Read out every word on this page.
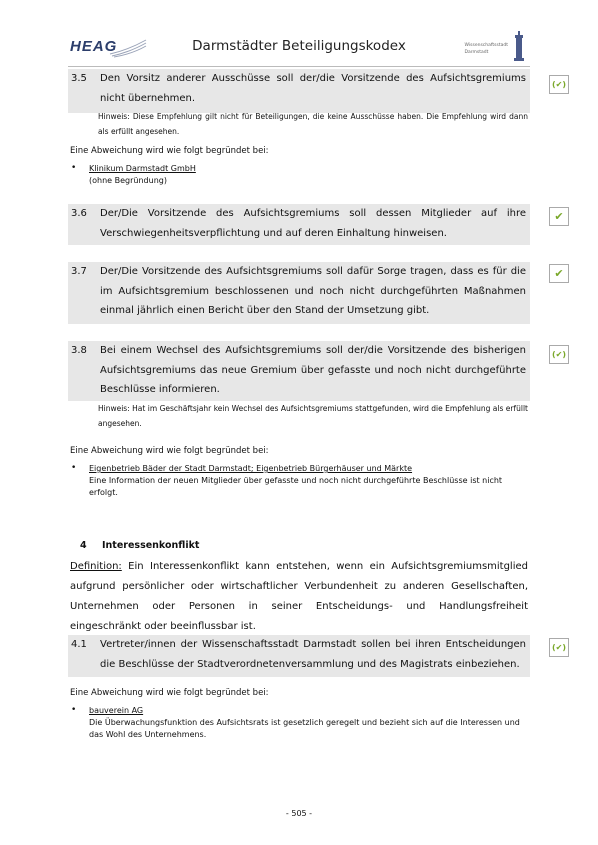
HEAG	Darmstädter Beteiligungskodex	Wissenschaftsstadt
Darmstadt
3.5 Den Vorsitz anderer Ausschüsse soll der/die Vorsitzende des Aufsichtsgremiums nicht übernehmen.
(✔)
Hinweis: Diese Empfehlung gilt nicht für Beteiligungen, die keine Ausschüsse haben. Die Empfehlung wird dann als erfüllt angesehen.
Eine Abweichung wird wie folgt begründet bei:
• Klinikum Darmstadt GmbH
(ohne Begründung)
3.6 Der/Die Vorsitzende des Aufsichtsgremiums soll dessen Mitglieder auf ihre Verschwiegenheitsverpflichtung und auf deren Einhaltung hinweisen.
✔
3.7 Der/Die Vorsitzende des Aufsichtsgremiums soll dafür Sorge tragen, dass es für die im Aufsichtsgremium beschlossenen und noch nicht durchgeführten Maßnahmen einmal jährlich einen Bericht über den Stand der Umsetzung gibt.
✔
3.8 Bei einem Wechsel des Aufsichtsgremiums soll der/die Vorsitzende des bisherigen Aufsichtsgremiums das neue Gremium über gefasste und noch nicht durchgeführte Beschlüsse informieren.
(✔)
Hinweis: Hat im Geschäftsjahr kein Wechsel des Aufsichtsgremiums stattgefunden, wird die Empfehlung als erfüllt angesehen.
Eine Abweichung wird wie folgt begründet bei:
• Eigenbetrieb Bäder der Stadt Darmstadt; Eigenbetrieb Bürgerhäuser und Märkte
Eine Information der neuen Mitglieder über gefasste und noch nicht durchgeführte Beschlüsse ist nicht erfolgt.
4 Interessenkonflikt
Definition: Ein Interessenkonflikt kann entstehen, wenn ein Aufsichtsgremiumsmitglied aufgrund persönlicher oder wirtschaftlicher Verbundenheit zu anderen Gesellschaften, Unternehmen oder Personen in seiner Entscheidungs- und Handlungsfreiheit eingeschränkt oder beeinflussbar ist.
4.1 Vertreter/innen der Wissenschaftsstadt Darmstadt sollen bei ihren Entscheidungen die Beschlüsse der Stadtverordnetenversammlung und des Magistrats einbeziehen.
(✔)
Eine Abweichung wird wie folgt begründet bei:
• bauverein AG
Die Überwachungsfunktion des Aufsichtsrats ist gesetzlich geregelt und bezieht sich auf die Interessen und das Wohl des Unternehmens.
- 505 -
